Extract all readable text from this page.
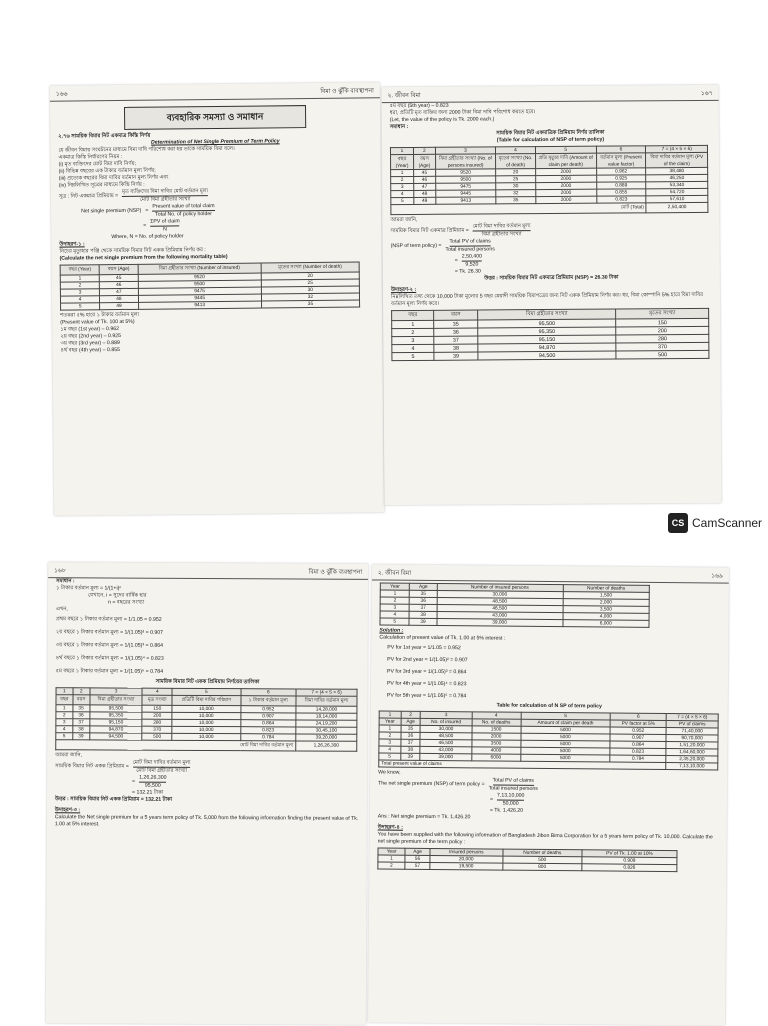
১৬৬	বিমা ও ঝুঁকি ব্যবস্থাপনা
ব্যবহারিক সমস্যা ও সমাধান
২.৭৬ সাময়িক বিমার নিট একমাত্র কিস্তি নির্ণয়
Determination of Net Single Premium of Term Policy
যে জীবন বিমায় সংঘটনের মাধ্যমে বিমা দাবি পরিশোধ করা হয় তাকে সাময়িক বিমা বলে।
একমাত্র কিস্তি নির্ধারণের নিয়ম :
(i) মৃত ব্যক্তিদের মোট বিমা দাবি নির্ণয়;
(ii) বিভিন্ন বছরের এক টাকার বর্তমান মূল্য নির্ণয়;
(iii) প্রত্যেক বছরের বিমা দাবির বর্তমান মূল্য নির্ণয় এবং
(iv) নিম্নলিখিত সূত্রের মাধ্যমে কিস্তি নির্ণয় :
সূত্র : নিট একমাত্র প্রিমিয়াম =
মৃত ব্যক্তিদের বিমা দাবির মোট বর্তমান মূল্য
মোট বিমা গ্রহীতার সংখ্যা
Net single premium (NSP) =
Present value of total claim
Total No. of policy holder
=
ΣPV of claim
N
Where, N = No. of policy holder
উদাহরণ-১ :
নিচের মৃত্যুহার পঞ্জি থেকে সাময়িক বিমার নিট একক প্রিমিয়াম নির্ণয় কর :
(Calculate the net single premium from the following mortality table)
বছর (Year)	বয়স (Age)	বিমা গ্রহীতার সংখ্যা (Number of insured)	মৃতের সংখ্যা (Number of death)
1	45	9520	20
2	46	9500	25
3	47	9475	30
4	48	9445	32
5	49	9413	35
শতকরা ৫% হারে ১ টাকার বর্তমান মূল্য
(Present value of Tk. 100 at 5%)
১ম বছর (1st year) – 0.962
২য় বছর (2nd year) – 0.925
৩য় বছর (3rd year) – 0.889
৪র্থ বছর (4th year) – 0.855
২. জীবন বিমা	১৬৭
৫ম বছর (5th year) – 0.823
ধরা, প্রতিটি মৃত ব্যক্তির জন্য 2000 টাকা বিমা দাবি পরিশোধ করতে হবে।
(Let, the value of the policy is Tk. 2000 each.)
সমাধান :
সাময়িক বিমার নিট একমাত্রিক প্রিমিয়াম নির্ণয় তালিকা
(Table for calculation of NSP of term policy)
1	2	3	4	5	6	7 = (4 × 5 × 6)
বছর (Year)	বয়স (Age)	বিমা গ্রহীতার সংখ্যা (No. of persons insured)	মৃতের সংখ্যা (No. of death)	প্রতি মৃত্যুর দাবি (Amount of claim per death)	বর্তমান মূল্য (Present value factor)	বিমা দাবির বর্তমান মূল্য (PV of the claim)
1	45	9520	20	2000	0.962	38,480
2	46	9500	25	2000	0.925	46,250
3	47	9475	30	2000	0.889	53,340
4	48	9445	32	2000	0.855	54,720
5	49	9413	35	2000	0.823	57,610
মোট (Total)						2,50,400
আমরা জানি,
সাময়িক বিমার নিট একমাত্র প্রিমিয়াম =
মোট বিমা দাবির বর্তমান মূল্য
বিমা গ্রহীতার সংখ্যা
(NSP of term policy) =
Total PV of claims
Total insured persons
= $\frac{2,50,400}{9,520}$
= Tk. 26.30
উত্তর : সাময়িক বিমার নিট একমাত্র প্রিমিয়াম (NSP) = 26.30 টাকা
উদাহরণ-২ :
নিম্নলিখিত তথ্য থেকে 10,000 টাকা মূল্যের 5 বছর মেয়াদী সাময়িক বিমাপত্রের জন্য নিট একক প্রিমিয়াম নির্ণয় কর। ধর, বিমা কোম্পানি 5% হারে বিমা দাবির বর্তমান মূল্য নির্ণয় করে।
বছর	বয়স	বিমা গ্রহীতার সংখ্যা	মৃতের সংখ্যা
1	35	95,500	150
2	36	95,350	200
3	37	95,150	280
4	38	94,870	370
5	39	94,500	500
CS CamScanner
১৬৮	বিমা ও ঝুঁকি ব্যবস্থাপনা
সমাধান :
১ টাকার বর্তমান মূল্য = 1/(1+i)ⁿ
যেখানে, i = সুদের বার্ষিক হার
n = বছরের সংখ্যা
এখন,
প্রথম বছরে ১ টাকার বর্তমান মূল্য = 1/1.05 = 0.952
২য় বছরে ১ টাকার বর্তমান মূল্য = 1/(1.05)² = 0.907
৩য় বছরে ১ টাকার বর্তমান মূল্য = 1/(1.05)³ = 0.864
৪র্থ বছরে ১ টাকার বর্তমান মূল্য = 1/(1.05)⁴ = 0.823
৫ম বছরে ১ টাকার বর্তমান মূল্য = 1/(1.05)⁵ = 0.784
সাময়িক বিমার নিট একক প্রিমিয়াম নির্ণয়ের তালিকা
1	2	3	4	5	6	7 = (4 × 5 × 6)
বছর	বয়স	বিমা গ্রহীতার সংখ্যা	মৃত সংখ্যা	প্রতিটি বিমা দাবির পরিমাণ	১ টাকার বর্তমান মূল্য	বিমা দাবির বর্তমান মূল্য
1	35	95,500	150	10,000	0.952	14,28,000
2	36	95,350	200	10,000	0.907	18,14,000
3	37	95,150	280	10,000	0.864	24,19,200
4	38	94,870	370	10,000	0.823	30,45,100
5	39	94,500	500	10,000	0.784	39,20,000
মোট বিমা দাবির বর্তমান মূল্য						1,26,26,300
আমরা জানি,
সাময়িক বিমার নিট একক প্রিমিয়াম =
মোট বিমা দাবির বর্তমান মূল্য
মোট বিমা গ্রহীতার সংখ্যা
= $\frac{1,26,26,300}{95,500}$
= 132.21 টাকা
উত্তর : সাময়িক বিমার নিট একক প্রিমিয়াম = 132.21 টাকা
উদাহরণ-৩ :
Calculate the Net single premium for a 5 years term policy of Tk. 5,000 from the following information finding the present value of Tk. 1.00 at 5% interest.
২. জীবন বিমা	১৬৯
Year	Age	Number of insured persons	Number of deaths
1	35	30,000	1,500
2	36	48,500	2,000
3	37	46,500	3,500
4	38	43,000	4,000
5	39	39,000	6,000
Solution :
Calculation of present value of Tk. 1.00 at 5% interest :
PV for 1st year = 1/1.05 = 0.952
PV for 2nd year = 1/(1.05)² = 0.907
PV for 3rd year = 1/(1.05)³ = 0.864
PV for 4th year = 1/(1.05)⁴ = 0.823
PV for 5th year = 1/(1.05)⁵ = 0.784
Table for calculation of N SP of term policy
1	2	3	4	5	6	7 = (4 × 5 × 6)
Year	Age	No. of insured	No. of deaths	Amount of claim per death	PV factor at 5%	PV of claims
1	35	30,000	1500	5000	0.952	71,40,000
2	36	48,500	2000	5000	0.907	90,70,000
3	37	46,500	3500	5000	0.864	1,51,20,000
4	38	43,000	4000	5000	0.823	1,64,60,000
5	39	39,000	6000	5000	0.784	2,35,20,000
Total present value of claims						7,13,10,000
We know,
The net single premium (NSP) of term policy = Total PV of claims
Total insured persons
= $\frac{7,13,10,000}{50,000}$
= Tk. 1,426.20
Ans : Net single premium = Tk. 1,426.20
উদাহরণ-৪ :
You have been supplied with the following information of Bangladesh Jibon Bima Corporation for a 5 years term policy of Tk. 10,000. Calculate the net single premium of the term policy :
Year	Age	Insured persons	Number of deaths	PV of Tk. 1.00 at 10%
1	56	20,000	500	0.909
2	57	19,500	800	0.826
